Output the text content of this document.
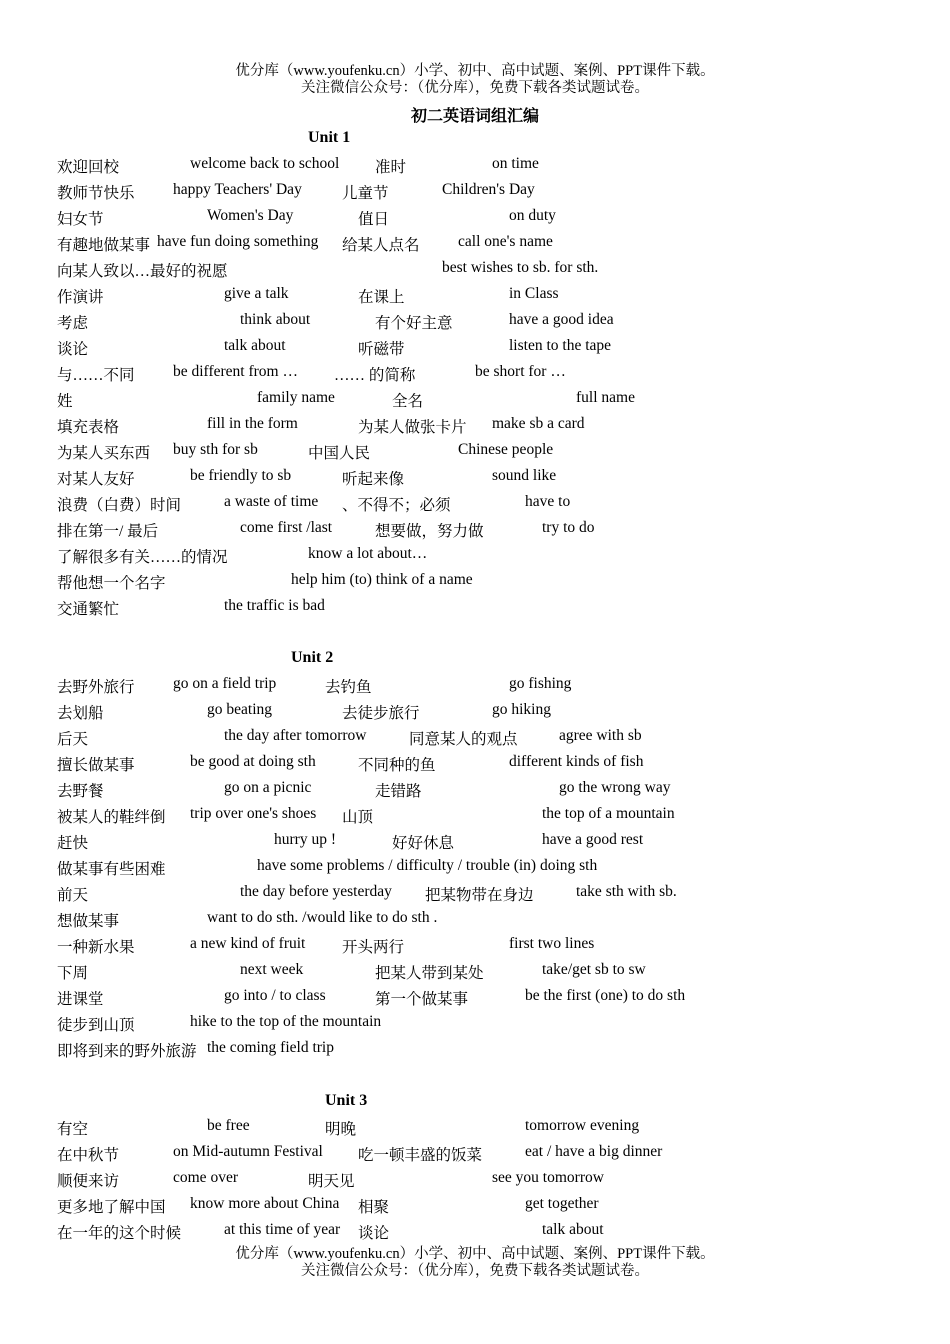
优分库（www.youfenku.cn）小学、初中、高中试题、案例、PPT课件下载。
关注微信公众号：（优分库），免费下载各类试题试卷。
初二英语词组汇编
Unit 1
欢迎回校	welcome back to school 准时	on time
教师节快乐 happy Teachers' Day	儿童节	Children's Day
妇女节	Women's Day	值日	on duty
有趣地做某事 have fun doing something 给某人点名 call one's name
向某人致以…最好的祝愿	best wishes to sb. for sth.
作演讲	give a talk	在课上	in Class
考虑	think about	有个好主意	have a good idea
谈论	talk about	听磁带	listen to the tape
与……不同 be different from … …… 的简称	be short for …
姓	family name	全名	full name
填充表格	fill in the form	为某人做张卡片 make sb a card
为某人买东西 buy sth for sb	中国人民	Chinese people
对某人友好	be friendly to sb	听起来像	sound like
浪费（白费）时间	a waste of time 、不得不；必须	have to
排在第一/ 最后	come first /last	想要做，努力做	try to do
了解很多有关……的情况	know a lot about…
帮他想一个名字	help him (to) think of a name
交通繁忙	the traffic is bad
Unit 2
去野外旅行 go on a field trip	去钓鱼	go fishing
去划船	go beating	去徒步旅行	go hiking
后天	the day after tomorrow	同意某人的观点	agree with sb
擅长做某事	be good at doing sth	不同种的鱼	different kinds of fish
去野餐	go on a picnic	走错路	go the wrong way
被某人的鞋绊倒 trip over one's shoes 山顶	the top of a mountain
赶快	hurry up !	好好休息	have a good rest
做某事有些困难	have some problems / difficulty / trouble (in) doing sth
前天	the day before yesterday 把某物带在身边	take sth with sb.
想做某事	want to do sth. /would like to do sth .
一种新水果	a new kind of fruit 开头两行	first two lines
下周	next week	把某人带到某处	take/get sb to sw
进课堂	go into / to class	第一个做某事	be the first (one) to do sth
徒步到山顶	hike to the top of the mountain
即将到来的野外旅游 the coming field trip
Unit 3
有空	be free	明晚	tomorrow evening
在中秋节	on Mid-autumn Festival 吃一顿丰盛的饭菜	eat / have a big dinner
顺便来访	come over	明天见	see you tomorrow
更多地了解中国 know more about China 相聚	get together
在一年的这个时候	at this time of year 谈论	talk about
优分库（www.youfenku.cn）小学、初中、高中试题、案例、PPT课件下载。
关注微信公众号：（优分库），免费下载各类试题试卷。
